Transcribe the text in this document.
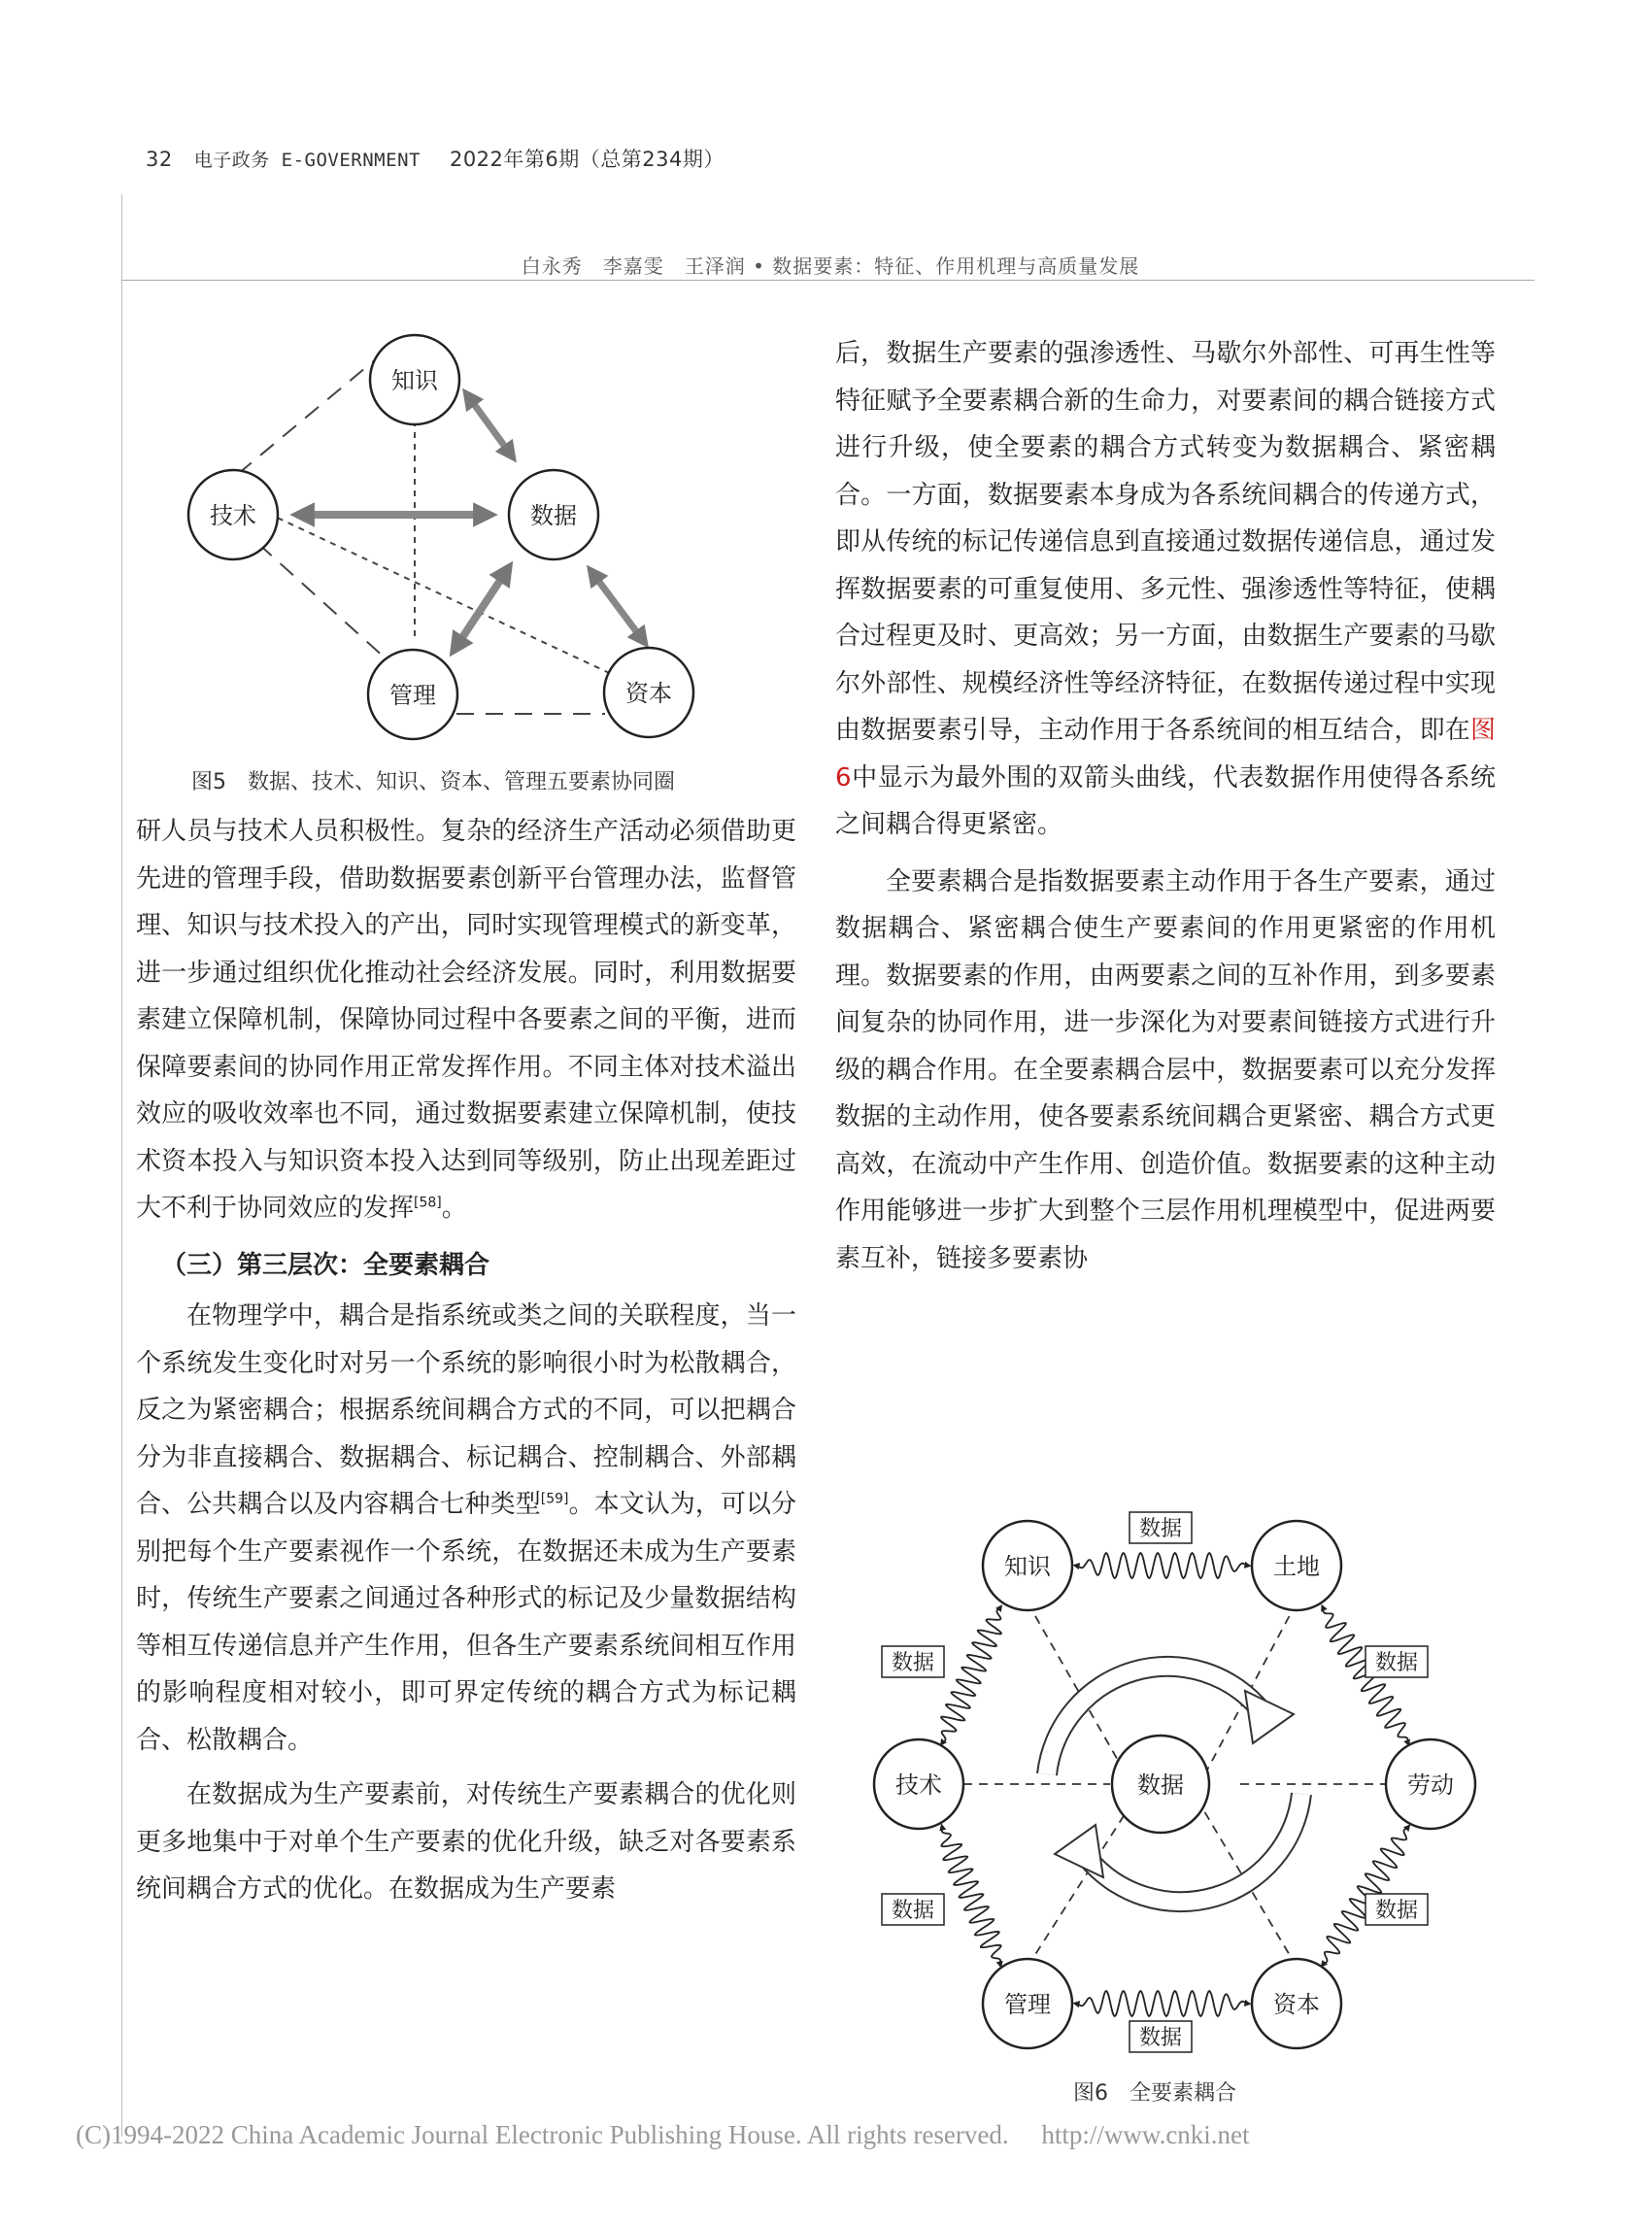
32 电子政务 E-GOVERNMENT 2022年第6期（总第234期）
白永秀　李嘉雯　王泽润 • 数据要素：特征、作用机理与高质量发展
知识
技术	数据
管理	资本
图5　数据、技术、知识、资本、管理五要素协同圈

研人员与技术人员积极性。复杂的经济生产活动必须借助更先进的管理手段，借助数据要素创新平台管理办法，监督管理、知识与技术投入的产出，同时实现管理模式的新变革，进一步通过组织优化推动社会经济发展。同时，利用数据要素建立保障机制，保障协同过程中各要素之间的平衡，进而保障要素间的协同作用正常发挥作用。不同主体对技术溢出效应的吸收效率也不同，通过数据要素建立保障机制，使技术资本投入与知识资本投入达到同等级别，防止出现差距过大不利于协同效应的发挥[58]。

（三）第三层次：全要素耦合

在物理学中，耦合是指系统或类之间的关联程度，当一个系统发生变化时对另一个系统的影响很小时为松散耦合，反之为紧密耦合；根据系统间耦合方式的不同，可以把耦合分为非直接耦合、数据耦合、标记耦合、控制耦合、外部耦合、公共耦合以及内容耦合七种类型[59]。本文认为，可以分别把每个生产要素视作一个系统，在数据还未成为生产要素时，传统生产要素之间通过各种形式的标记及少量数据结构等相互传递信息并产生作用，但各生产要素系统间相互作用的影响程度相对较小，即可界定传统的耦合方式为标记耦合、松散耦合。

在数据成为生产要素前，对传统生产要素耦合的优化则更多地集中于对单个生产要素的优化升级，缺乏对各要素系统间耦合方式的优化。在数据成为生产要素

后，数据生产要素的强渗透性、马歇尔外部性、可再生性等特征赋予全要素耦合新的生命力，对要素间的耦合链接方式进行升级，使全要素的耦合方式转变为数据耦合、紧密耦合。一方面，数据要素本身成为各系统间耦合的传递方式，即从传统的标记传递信息到直接通过数据传递信息，通过发挥数据要素的可重复使用、多元性、强渗透性等特征，使耦合过程更及时、更高效；另一方面，由数据生产要素的马歇尔外部性、规模经济性等经济特征，在数据传递过程中实现由数据要素引导，主动作用于各系统间的相互结合，即在图6中显示为最外围的双箭头曲线，代表数据作用使得各系统之间耦合得更紧密。

全要素耦合是指数据要素主动作用于各生产要素，通过数据耦合、紧密耦合使生产要素间的作用更紧密的作用机理。数据要素的作用，由两要素之间的互补作用，到多要素间复杂的协同作用，进一步深化为对要素间链接方式进行升级的耦合作用。在全要素耦合层中，数据要素可以充分发挥数据的主动作用，使各要素系统间耦合更紧密、耦合方式更高效，在流动中产生作用、创造价值。数据要素的这种主动作用能够进一步扩大到整个三层作用机理模型中，促进两要素互补，链接多要素协

数据
数据	数据
数据	数据
数据
知识	土地
技术	数据	劳动
管理	资本
图6　全要素耦合
(C)1994-2022 China Academic Journal Electronic Publishing House. All rights reserved.　 http://www.cnki.net
